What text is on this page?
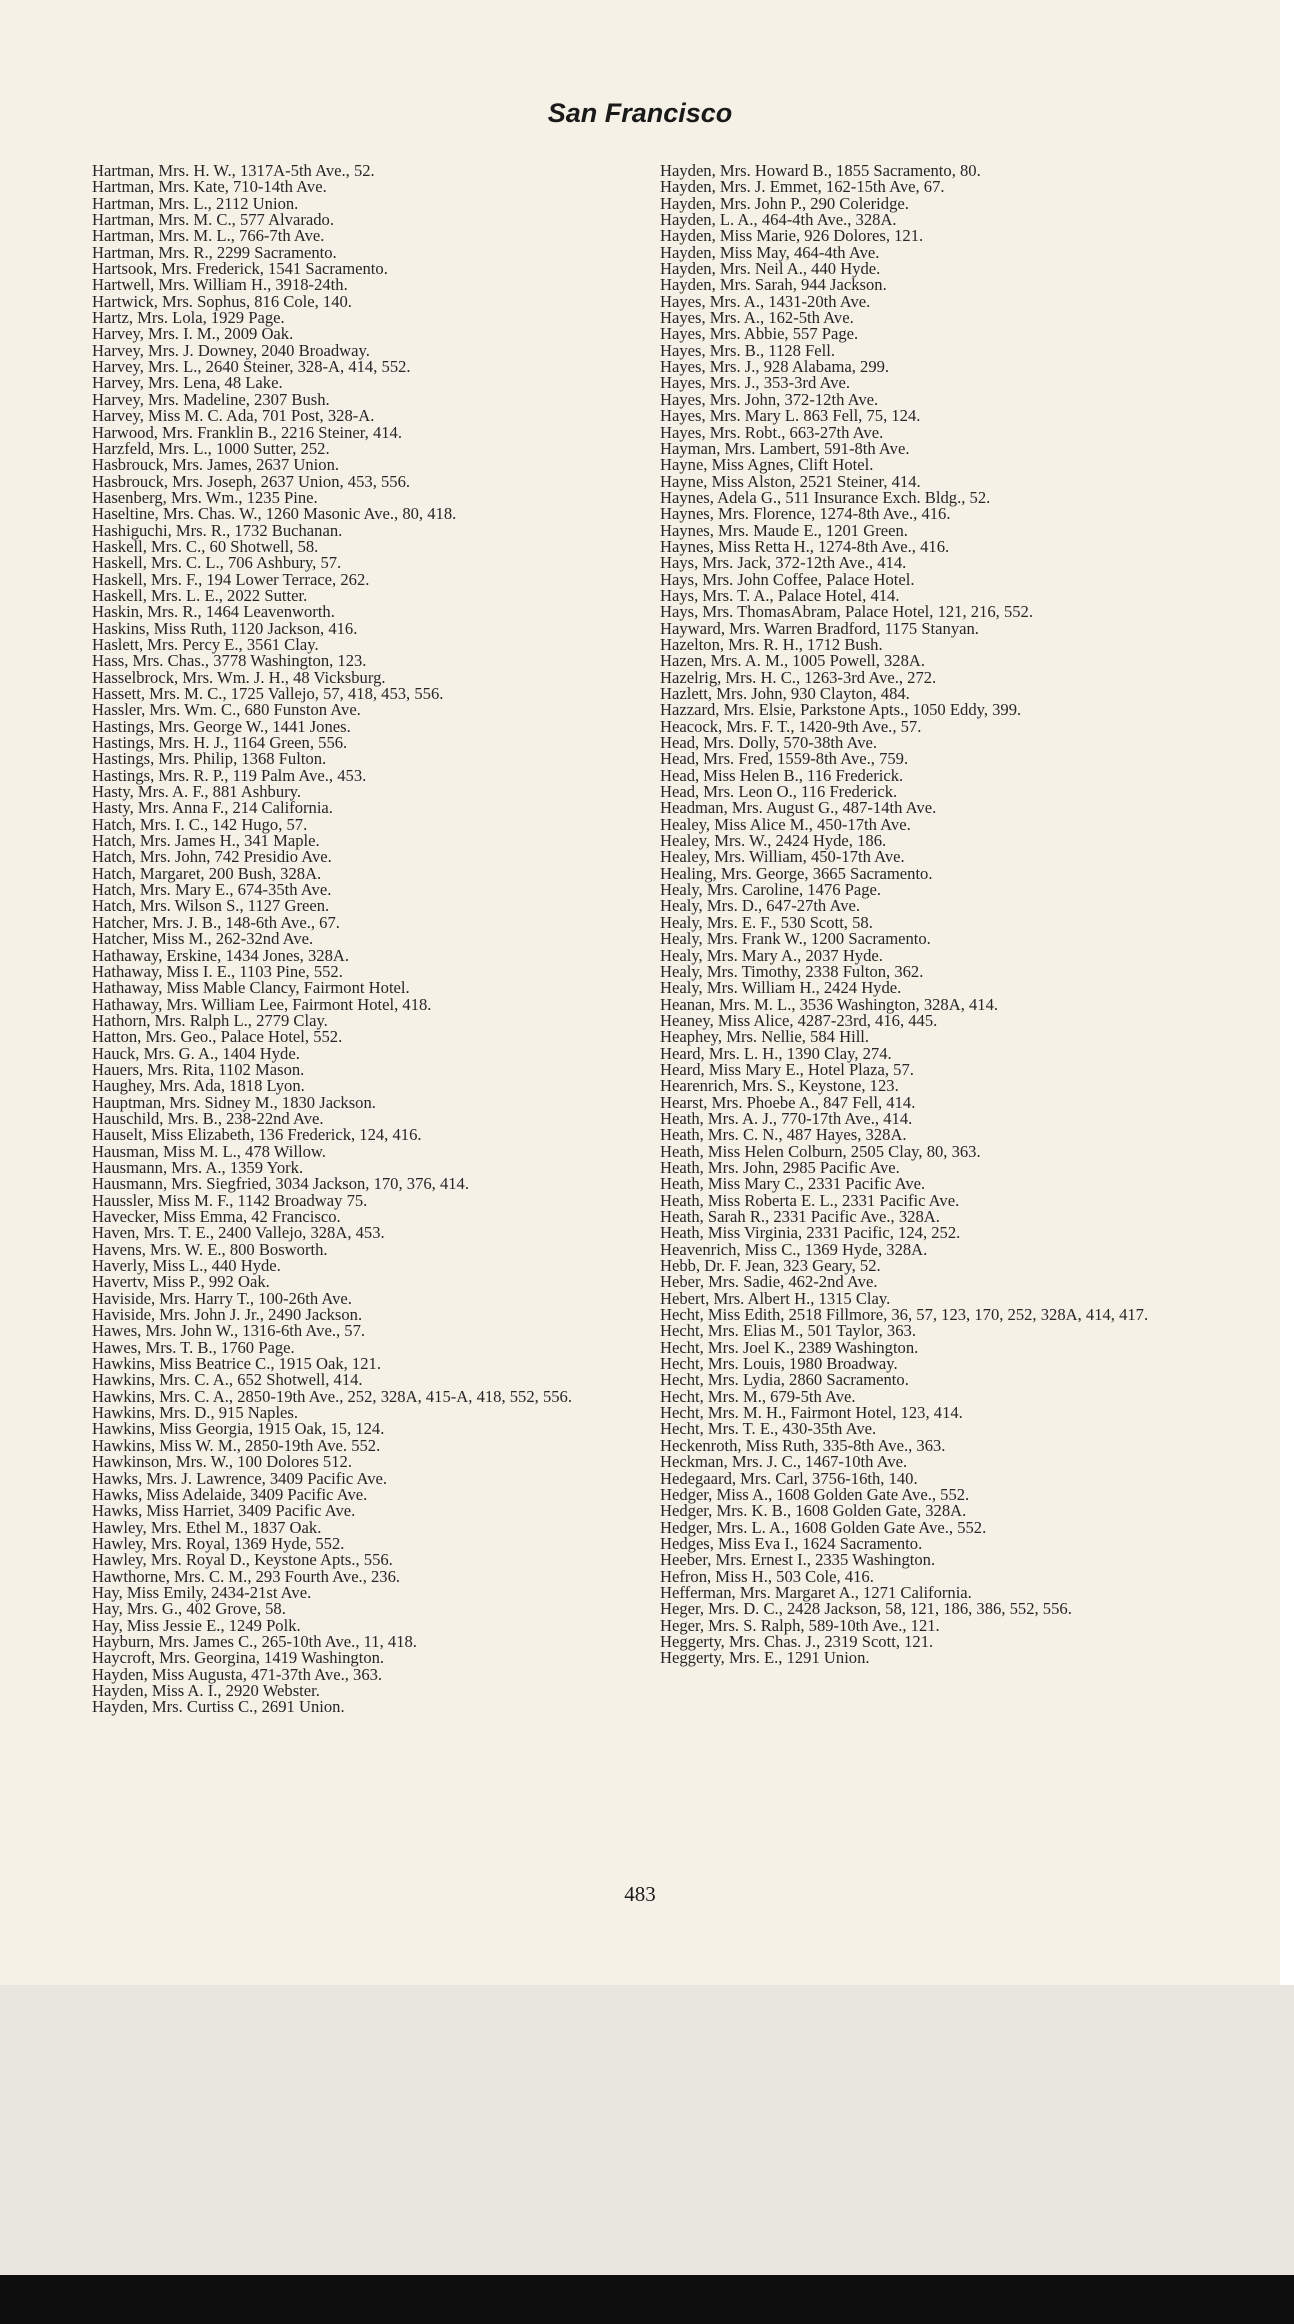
San Francisco

Hartman, Mrs. H. W., 1317A-5th Ave., 52.

Hartman, Mrs. Kate, 710-14th Ave.

Hartman, Mrs. L., 2112 Union.

Hartman, Mrs. M. C., 577 Alvarado.

Hartman, Mrs. M. L., 766-7th Ave.

Hartman, Mrs. R., 2299 Sacramento.

Hartsook, Mrs. Frederick, 1541 Sacramento.

Hartwell, Mrs. William H., 3918-24th.

Hartwick, Mrs. Sophus, 816 Cole, 140.

Hartz, Mrs. Lola, 1929 Page.

Harvey, Mrs. I. M., 2009 Oak.

Harvey, Mrs. J. Downey, 2040 Broadway.

Harvey, Mrs. L., 2640 Steiner, 328-A, 414, 552.

Harvey, Mrs. Lena, 48 Lake.

Harvey, Mrs. Madeline, 2307 Bush.

Harvey, Miss M. C. Ada, 701 Post, 328-A.

Harwood, Mrs. Franklin B., 2216 Steiner, 414.

Harzfeld, Mrs. L., 1000 Sutter, 252.

Hasbrouck, Mrs. James, 2637 Union.

Hasbrouck, Mrs. Joseph, 2637 Union, 453, 556.

Hasenberg, Mrs. Wm., 1235 Pine.

Haseltine, Mrs. Chas. W., 1260 Masonic Ave., 80, 418.

Hashiguchi, Mrs. R., 1732 Buchanan.

Haskell, Mrs. C., 60 Shotwell, 58.

Haskell, Mrs. C. L., 706 Ashbury, 57.

Haskell, Mrs. F., 194 Lower Terrace, 262.

Haskell, Mrs. L. E., 2022 Sutter.

Haskin, Mrs. R., 1464 Leavenworth.

Haskins, Miss Ruth, 1120 Jackson, 416.

Haslett, Mrs. Percy E., 3561 Clay.

Hass, Mrs. Chas., 3778 Washington, 123.

Hasselbrock, Mrs. Wm. J. H., 48 Vicksburg.

Hassett, Mrs. M. C., 1725 Vallejo, 57, 418, 453, 556.

Hassler, Mrs. Wm. C., 680 Funston Ave.

Hastings, Mrs. George W., 1441 Jones.

Hastings, Mrs. H. J., 1164 Green, 556.

Hastings, Mrs. Philip, 1368 Fulton.

Hastings, Mrs. R. P., 119 Palm Ave., 453.

Hasty, Mrs. A. F., 881 Ashbury.

Hasty, Mrs. Anna F., 214 California.

Hatch, Mrs. I. C., 142 Hugo, 57.

Hatch, Mrs. James H., 341 Maple.

Hatch, Mrs. John, 742 Presidio Ave.

Hatch, Margaret, 200 Bush, 328A.

Hatch, Mrs. Mary E., 674-35th Ave.

Hatch, Mrs. Wilson S., 1127 Green.

Hatcher, Mrs. J. B., 148-6th Ave., 67.

Hatcher, Miss M., 262-32nd Ave.

Hathaway, Erskine, 1434 Jones, 328A.

Hathaway, Miss I. E., 1103 Pine, 552.

Hathaway, Miss Mable Clancy, Fairmont Hotel.

Hathaway, Mrs. William Lee, Fairmont Hotel, 418.

Hathorn, Mrs. Ralph L., 2779 Clay.

Hatton, Mrs. Geo., Palace Hotel, 552.

Hauck, Mrs. G. A., 1404 Hyde.

Hauers, Mrs. Rita, 1102 Mason.

Haughey, Mrs. Ada, 1818 Lyon.

Hauptman, Mrs. Sidney M., 1830 Jackson.

Hauschild, Mrs. B., 238-22nd Ave.

Hauselt, Miss Elizabeth, 136 Frederick, 124, 416.

Hausman, Miss M. L., 478 Willow.

Hausmann, Mrs. A., 1359 York.

Hausmann, Mrs. Siegfried, 3034 Jackson, 170, 376, 414.

Haussler, Miss M. F., 1142 Broadway 75.

Havecker, Miss Emma, 42 Francisco.

Haven, Mrs. T. E., 2400 Vallejo, 328A, 453.

Havens, Mrs. W. E., 800 Bosworth.

Haverly, Miss L., 440 Hyde.

Havertv, Miss P., 992 Oak.

Haviside, Mrs. Harry T., 100-26th Ave.

Haviside, Mrs. John J. Jr., 2490 Jackson.

Hawes, Mrs. John W., 1316-6th Ave., 57.

Hawes, Mrs. T. B., 1760 Page.

Hawkins, Miss Beatrice C., 1915 Oak, 121.

Hawkins, Mrs. C. A., 652 Shotwell, 414.

Hawkins, Mrs. C. A., 2850-19th Ave., 252, 328A, 415-A, 418, 552, 556.

Hawkins, Mrs. D., 915 Naples.

Hawkins, Miss Georgia, 1915 Oak, 15, 124.

Hawkins, Miss W. M., 2850-19th Ave. 552.

Hawkinson, Mrs. W., 100 Dolores 512.

Hawks, Mrs. J. Lawrence, 3409 Pacific Ave.

Hawks, Miss Adelaide, 3409 Pacific Ave.

Hawks, Miss Harriet, 3409 Pacific Ave.

Hawley, Mrs. Ethel M., 1837 Oak.

Hawley, Mrs. Royal, 1369 Hyde, 552.

Hawley, Mrs. Royal D., Keystone Apts., 556.

Hawthorne, Mrs. C. M., 293 Fourth Ave., 236.

Hay, Miss Emily, 2434-21st Ave.

Hay, Mrs. G., 402 Grove, 58.

Hay, Miss Jessie E., 1249 Polk.

Hayburn, Mrs. James C., 265-10th Ave., 11, 418.

Haycroft, Mrs. Georgina, 1419 Washington.

Hayden, Miss Augusta, 471-37th Ave., 363.

Hayden, Miss A. I., 2920 Webster.

Hayden, Mrs. Curtiss C., 2691 Union.

Hayden, Mrs. Howard B., 1855 Sacramento, 80.

Hayden, Mrs. J. Emmet, 162-15th Ave, 67.

Hayden, Mrs. John P., 290 Coleridge.

Hayden, L. A., 464-4th Ave., 328A.

Hayden, Miss Marie, 926 Dolores, 121.

Hayden, Miss May, 464-4th Ave.

Hayden, Mrs. Neil A., 440 Hyde.

Hayden, Mrs. Sarah, 944 Jackson.

Hayes, Mrs. A., 1431-20th Ave.

Hayes, Mrs. A., 162-5th Ave.

Hayes, Mrs. Abbie, 557 Page.

Hayes, Mrs. B., 1128 Fell.

Hayes, Mrs. J., 928 Alabama, 299.

Hayes, Mrs. J., 353-3rd Ave.

Hayes, Mrs. John, 372-12th Ave.

Hayes, Mrs. Mary L. 863 Fell, 75, 124.

Hayes, Mrs. Robt., 663-27th Ave.

Hayman, Mrs. Lambert, 591-8th Ave.

Hayne, Miss Agnes, Clift Hotel.

Hayne, Miss Alston, 2521 Steiner, 414.

Haynes, Adela G., 511 Insurance Exch. Bldg., 52.

Haynes, Mrs. Florence, 1274-8th Ave., 416.

Haynes, Mrs. Maude E., 1201 Green.

Haynes, Miss Retta H., 1274-8th Ave., 416.

Hays, Mrs. Jack, 372-12th Ave., 414.

Hays, Mrs. John Coffee, Palace Hotel.

Hays, Mrs. T. A., Palace Hotel, 414.

Hays, Mrs. ThomasAbram, Palace Hotel, 121, 216, 552.

Hayward, Mrs. Warren Bradford, 1175 Stanyan.

Hazelton, Mrs. R. H., 1712 Bush.

Hazen, Mrs. A. M., 1005 Powell, 328A.

Hazelrig, Mrs. H. C., 1263-3rd Ave., 272.

Hazlett, Mrs. John, 930 Clayton, 484.

Hazzard, Mrs. Elsie, Parkstone Apts., 1050 Eddy, 399.

Heacock, Mrs. F. T., 1420-9th Ave., 57.

Head, Mrs. Dolly, 570-38th Ave.

Head, Mrs. Fred, 1559-8th Ave., 759.

Head, Miss Helen B., 116 Frederick.

Head, Mrs. Leon O., 116 Frederick.

Headman, Mrs. August G., 487-14th Ave.

Healey, Miss Alice M., 450-17th Ave.

Healey, Mrs. W., 2424 Hyde, 186.

Healey, Mrs. William, 450-17th Ave.

Healing, Mrs. George, 3665 Sacramento.

Healy, Mrs. Caroline, 1476 Page.

Healy, Mrs. D., 647-27th Ave.

Healy, Mrs. E. F., 530 Scott, 58.

Healy, Mrs. Frank W., 1200 Sacramento.

Healy, Mrs. Mary A., 2037 Hyde.

Healy, Mrs. Timothy, 2338 Fulton, 362.

Healy, Mrs. William H., 2424 Hyde.

Heanan, Mrs. M. L., 3536 Washington, 328A, 414.

Heaney, Miss Alice, 4287-23rd, 416, 445.

Heaphey, Mrs. Nellie, 584 Hill.

Heard, Mrs. L. H., 1390 Clay, 274.

Heard, Miss Mary E., Hotel Plaza, 57.

Hearenrich, Mrs. S., Keystone, 123.

Hearst, Mrs. Phoebe A., 847 Fell, 414.

Heath, Mrs. A. J., 770-17th Ave., 414.

Heath, Mrs. C. N., 487 Hayes, 328A.

Heath, Miss Helen Colburn, 2505 Clay, 80, 363.

Heath, Mrs. John, 2985 Pacific Ave.

Heath, Miss Mary C., 2331 Pacific Ave.

Heath, Miss Roberta E. L., 2331 Pacific Ave.

Heath, Sarah R., 2331 Pacific Ave., 328A.

Heath, Miss Virginia, 2331 Pacific, 124, 252.

Heavenrich, Miss C., 1369 Hyde, 328A.

Hebb, Dr. F. Jean, 323 Geary, 52.

Heber, Mrs. Sadie, 462-2nd Ave.

Hebert, Mrs. Albert H., 1315 Clay.

Hecht, Miss Edith, 2518 Fillmore, 36, 57, 123, 170, 252, 328A, 414, 417.

Hecht, Mrs. Elias M., 501 Taylor, 363.

Hecht, Mrs. Joel K., 2389 Washington.

Hecht, Mrs. Louis, 1980 Broadway.

Hecht, Mrs. Lydia, 2860 Sacramento.

Hecht, Mrs. M., 679-5th Ave.

Hecht, Mrs. M. H., Fairmont Hotel, 123, 414.

Hecht, Mrs. T. E., 430-35th Ave.

Heckenroth, Miss Ruth, 335-8th Ave., 363.

Heckman, Mrs. J. C., 1467-10th Ave.

Hedegaard, Mrs. Carl, 3756-16th, 140.

Hedger, Miss A., 1608 Golden Gate Ave., 552.

Hedger, Mrs. K. B., 1608 Golden Gate, 328A.

Hedger, Mrs. L. A., 1608 Golden Gate Ave., 552.

Hedges, Miss Eva I., 1624 Sacramento.

Heeber, Mrs. Ernest I., 2335 Washington.

Hefron, Miss H., 503 Cole, 416.

Hefferman, Mrs. Margaret A., 1271 California.

Heger, Mrs. D. C., 2428 Jackson, 58, 121, 186, 386, 552, 556.

Heger, Mrs. S. Ralph, 589-10th Ave., 121.

Heggerty, Mrs. Chas. J., 2319 Scott, 121.

Heggerty, Mrs. E., 1291 Union.

483
